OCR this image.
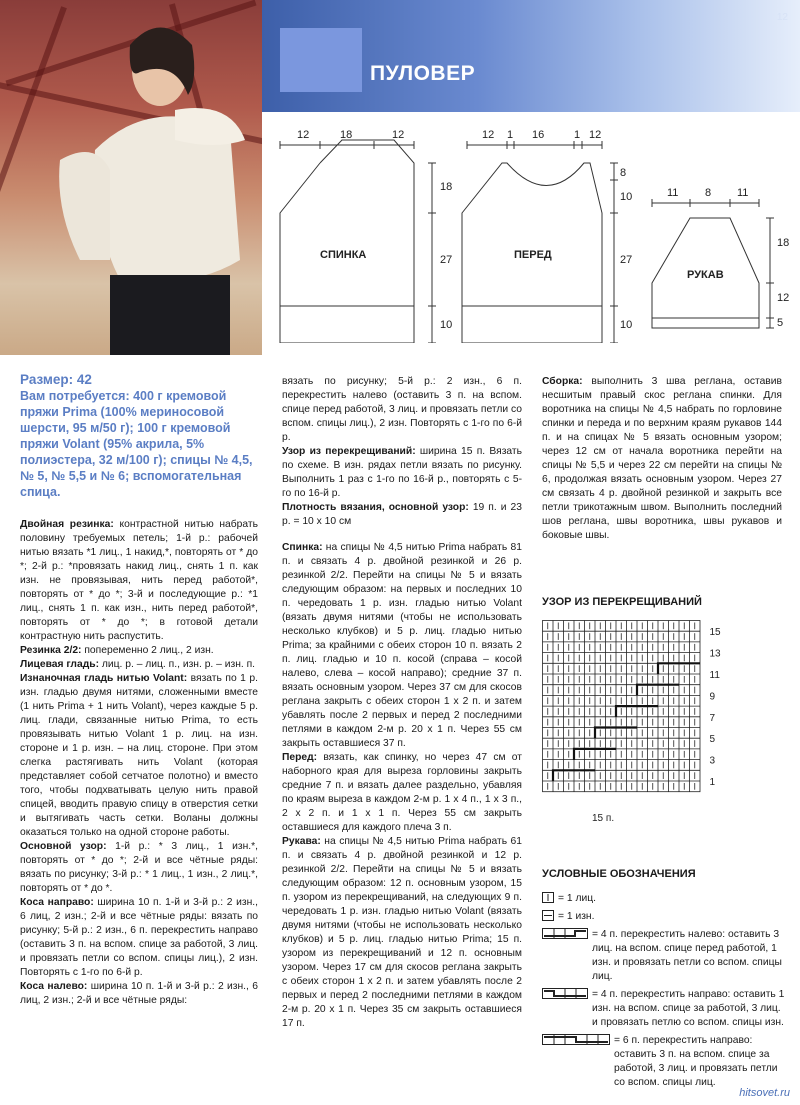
ПУЛОВЕР
12
СПИНКА	ПЕРЕД
РУКАВ
12	18	12	12 1 16	1 12
11 8 11
18
27
10
8
10
27
10
18
12
5
Размер: 42
Вам потребуется: 400 г кремовой пряжи Prima (100% мериносовой шерсти, 95 м/50 г); 100 г кремовой пряжи Volant (95% акрила, 5% полиэстера, 32 м/100 г); спицы № 4,5, № 5, № 5,5 и № 6; вспомогательная спица.

Двойная резинка: контрастной нитью набрать половину требуемых петель; 1-й р.: рабочей нитью вязать *1 лиц., 1 накид,*, повторять от * до *; 2-й р.: *провязать накид лиц., снять 1 п. как изн. не провязывая, нить перед работой*, повторять от * до *; 3-й и последующие р.: *1 лиц., снять 1 п. как изн., нить перед работой*, повторять от * до *; в готовой детали контрастную нить распустить.

Резинка 2/2: попеременно 2 лиц., 2 изн.

Лицевая гладь: лиц. р. – лиц. п., изн. р. – изн. п.

Изнаночная гладь нитью Volant: вязать по 1 р. изн. гладью двумя нитями, сложенными вместе (1 нить Prima + 1 нить Volant), через каждые 5 р. лиц. глади, связанные нитью Prima, то есть провязывать нитью Volant 1 р. лиц. на изн. стороне и 1 р. изн. – на лиц. стороне. При этом слегка растягивать нить Volant (которая представляет собой сетчатое полотно) и вместо того, чтобы подхватывать целую нить правой спицей, вводить правую спицу в отверстия сетки и вытягивать часть сетки. Воланы должны оказаться только на одной стороне работы.

Основной узор: 1-й р.: * 3 лиц., 1 изн.*, повторять от * до *; 2-й и все чётные ряды: вязать по рисунку; 3-й р.: * 1 лиц., 1 изн., 2 лиц.*, повторять от * до *.

Коса направо: ширина 10 п. 1-й и 3-й р.: 2 изн., 6 лиц, 2 изн.; 2-й и все чётные ряды: вязать по рисунку; 5-й р.: 2 изн., 6 п. перекрестить направо (оставить 3 п. на вспом. спице за работой, 3 лиц. и провязать петли со вспом. спицы лиц.), 2 изн. Повторять с 1-го по 6-й р.

Коса налево: ширина 10 п. 1-й и 3-й р.: 2 изн., 6 лиц, 2 изн.; 2-й и все чётные ряды:

вязать по рисунку; 5-й р.: 2 изн., 6 п. перекрестить налево (оставить 3 п. на вспом. спице перед работой, 3 лиц. и провязать петли со вспом. спицы лиц.), 2 изн. Повторять с 1-го по 6-й р.

Узор из перекрещиваний: ширина 15 п. Вязать по схеме. В изн. рядах петли вязать по рисунку. Выполнить 1 раз с 1-го по 16-й р., повторять с 5-го по 16-й р.

Плотность вязания, основной узор: 19 п. и 23 р. = 10 х 10 см

Спинка: на спицы № 4,5 нитью Prima набрать 81 п. и связать 4 р. двойной резинкой и 26 р. резинкой 2/2. Перейти на спицы № 5 и вязать следующим образом: на первых и последних 10 п. чередовать 1 р. изн. гладью нитью Volant (вязать двумя нитями (чтобы не использовать несколько клубков) и 5 р. лиц. гладью нитью Prima; за крайними с обеих сторон 10 п. вязать 2 п. лиц. гладью и 10 п. косой (справа – косой налево, слева – косой направо); средние 37 п. вязать основным узором. Через 37 см для скосов реглана закрыть с обеих сторон 1 х 2 п. и затем убавлять после 2 первых и перед 2 последними петлями в каждом 2-м р. 20 х 1 п. Через 55 см закрыть оставшиеся 37 п.

Перед: вязать, как спинку, но через 47 см от наборного края для выреза горловины закрыть средние 7 п. и вязать далее раздельно, убавляя по краям выреза в каждом 2-м р. 1 х 4 п., 1 х 3 п., 2 х 2 п. и 1 х 1 п. Через 55 см закрыть оставшиеся для каждого плеча 3 п.

Рукава: на спицы № 4,5 нитью Prima набрать 61 п. и связать 4 р. двойной резинкой и 12 р. резинкой 2/2. Перейти на спицы № 5 и вязать следующим образом: 12 п. основным узором, 15 п. узором из перекрещиваний, на следующих 9 п. чередовать 1 р. изн. гладью нитью Volant (вязать двумя нитями (чтобы не использовать несколько клубков) и 5 р. лиц. гладью нитью Prima; 15 п. узором из перекрещиваний и 12 п. основным узором. Через 17 см для скосов реглана закрыть с обеих сторон 1 х 2 п. и затем убавлять после 2 первых и перед 2 последними петлями в каждом 2-м р. 20 х 1 п. Через 35 см закрыть оставшиеся 17 п.

Сборка: выполнить 3 шва реглана, оставив несшитым правый скос реглана спинки. Для воротника на спицы № 4,5 набрать по горловине спинки и переда и по верхним краям рукавов 144 п. и на спицах № 5 вязать основным узором; через 12 см от начала воротника перейти на спицы № 5,5 и через 22 см перейти на спицы № 6, продолжая вязать основным узором. Через 27 см связать 4 р. двойной резинкой и закрыть все петли трикотажным швом. Выполнить последний шов реглана, швы воротника, швы рукавов и боковые швы.

УЗОР ИЗ ПЕРЕКРЕЩИВАНИЙ
15
13
11
9
7
5
3
1
15 п.
УСЛОВНЫЕ ОБОЗНАЧЕНИЯ
= 1 лиц.
= 1 изн.
= 4 п. перекрестить налево: оставить 3 лиц. на вспом. спице перед работой, 1 изн. и провязать петли со вспом. спицы лиц.
= 4 п. перекрестить направо: оставить 1 изн. на вспом. спице за работой, 3 лиц. и провязать петлю со вспом. спицы изн.
= 6 п. перекрестить направо: оставить 3 п. на вспом. спице за работой, 3 лиц. и провязать петли со вспом. спицы лиц.
hitsovet.ru
